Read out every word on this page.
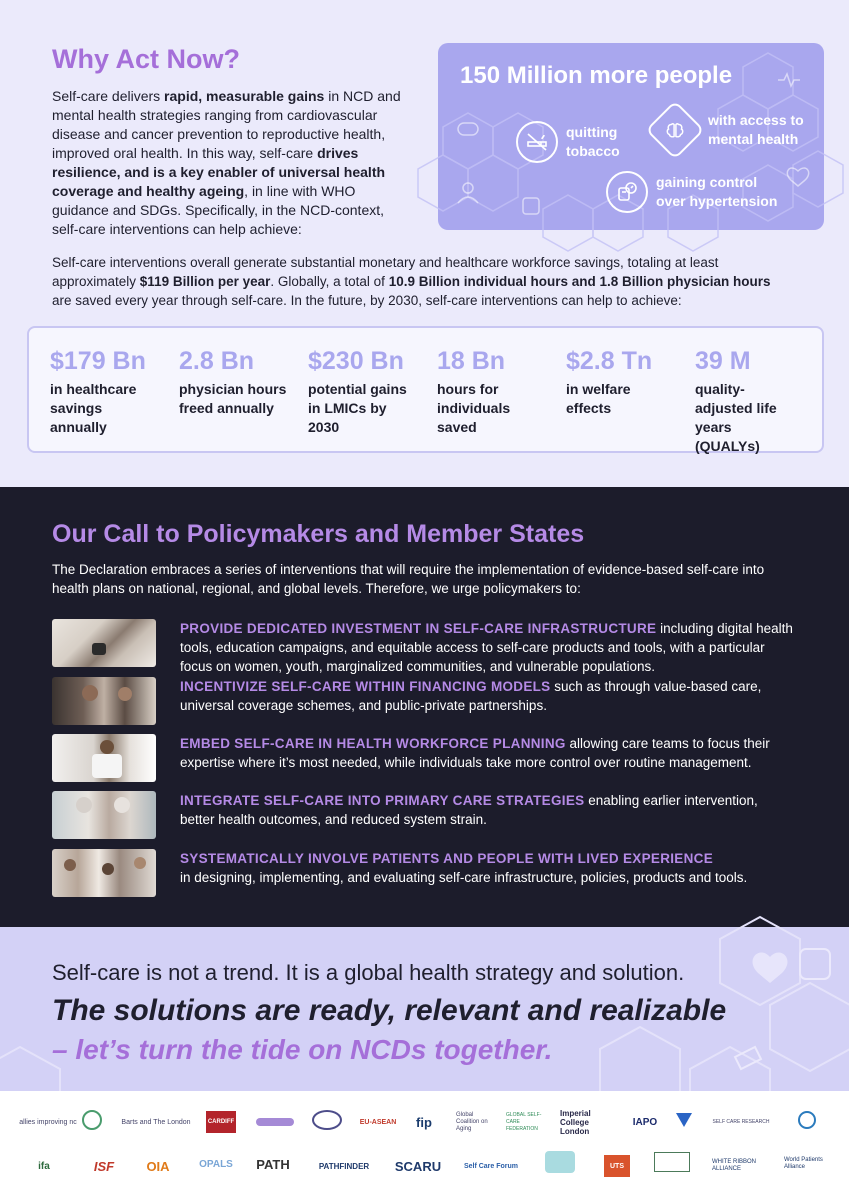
Why Act Now?

Self-care delivers rapid, measurable gains in NCD and mental health strategies ranging from cardiovascular disease and cancer prevention to reproductive health, improved oral health. In this way, self-care drives resilience, and is a key enabler of universal health coverage and healthy ageing, in line with WHO guidance and SDGs. Specifically, in the NCD-context, self-care interventions can help achieve:

150 Million more people
quitting tobacco
with access to mental health
gaining control over hypertension

Self-care interventions overall generate substantial monetary and healthcare workforce savings, totaling at least approximately $119 Billion per year. Globally, a total of 10.9 Billion individual hours and 1.8 Billion physician hours are saved every year through self-care. In the future, by 2030, self-care interventions can help to achieve:

$179 Bn
in healthcare savings annually
2.8 Bn
physician hours freed annually
$230 Bn
potential gains in LMICs by 2030
18 Bn
hours for individuals saved
$2.8 Tn
in welfare effects
39 M
quality-adjusted life years (QUALYs)
Our Call to Policymakers and Member States

The Declaration embraces a series of interventions that will require the implementation of evidence-based self-care into health plans on national, regional, and global levels. Therefore, we urge policymakers to:

PROVIDE DEDICATED INVESTMENT IN SELF-CARE INFRASTRUCTURE including digital health tools, education campaigns, and equitable access to self-care products and tools, with a particular focus on women, youth, marginalized communities, and vulnerable populations.

INCENTIVIZE SELF-CARE WITHIN FINANCING MODELS such as through value-based care, universal coverage schemes, and public-private partnerships.

EMBED SELF-CARE IN HEALTH WORKFORCE PLANNING allowing care teams to focus their expertise where it’s most needed, while individuals take more control over routine management.

INTEGRATE SELF-CARE INTO PRIMARY CARE STRATEGIES enabling earlier intervention, better health outcomes, and reduced system strain.

SYSTEMATICALLY INVOLVE PATIENTS AND PEOPLE WITH LIVED EXPERIENCE
in designing, implementing, and evaluating self-care infrastructure, policies, products and tools.

Self-care is not a trend. It is a global health strategy and solution.
The solutions are ready, relevant and realizable
– let’s turn the tide on NCDs together.
allies improving nc	Barts and The London	CARDIFF	EU-ASEAN	fip	Global Coalition on Aging
GLOBAL SELF-CARE FEDERATION
Imperial College London
IAPO	SELF CARE RESEARCH
ifa	ISF	OIA	OPALS	PATH	PATHFINDER	SCARU	Self Care Forum	UTS
WHITE RIBBON ALLIANCE
World Patients Alliance
